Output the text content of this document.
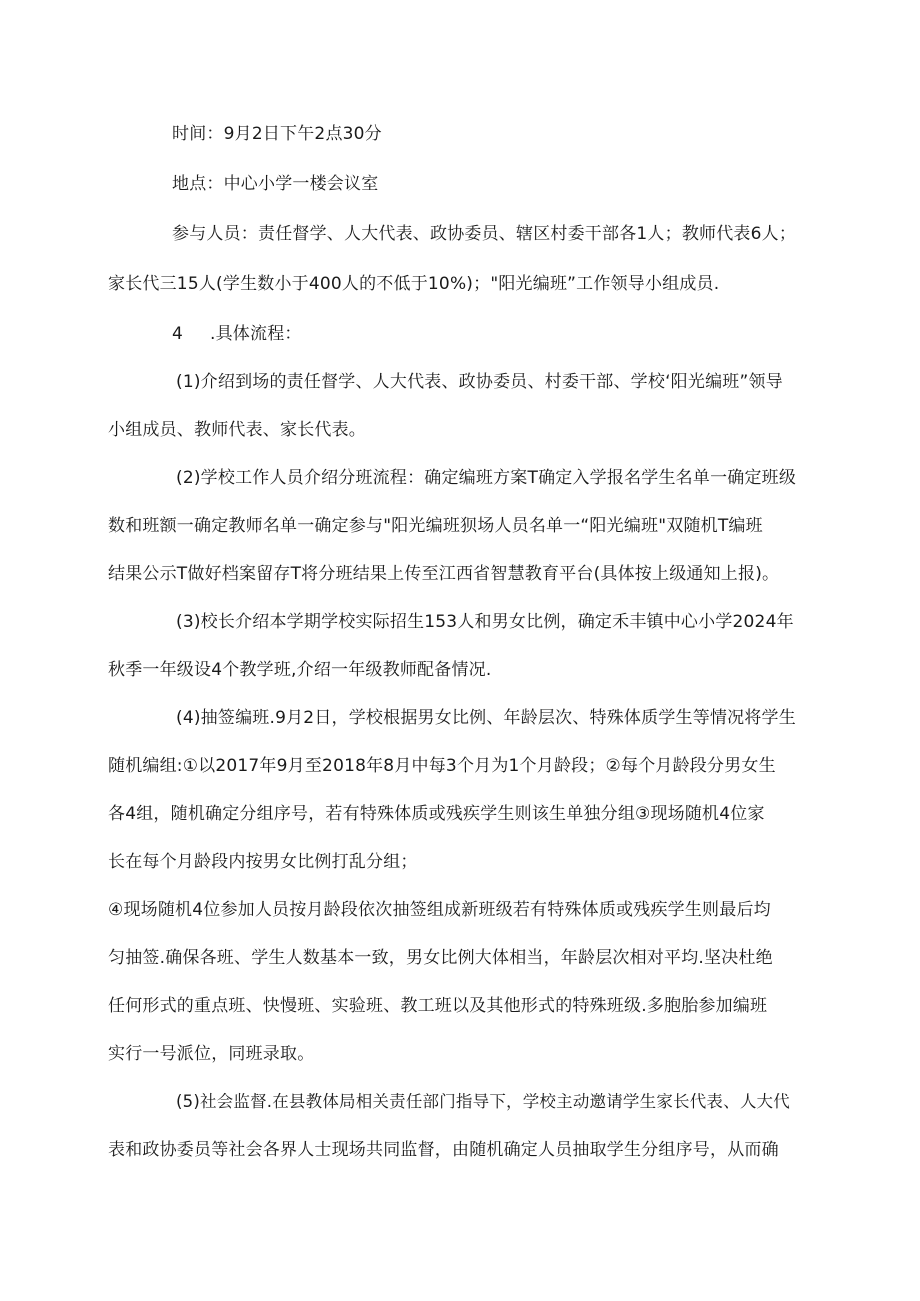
时间：9月2日下午2点30分
地点：中心小学一楼会议室
参与人员：责任督学、人大代表、政协委员、辖区村委干部各1人；教师代表6人；
家长代三15人(学生数小于400人的不低于10%)；"阳光编班”工作领导小组成员.
4	.具体流程：
(1)介绍到场的责任督学、人大代表、政协委员、村委干部、学校‘阳光编班”领导
小组成员、教师代表、家长代表。
(2)学校工作人员介绍分班流程：确定编班方案T确定入学报名学生名单一确定班级
数和班额一确定教师名单一确定参与"阳光编班狈场人员名单一“阳光编班"双随机T编班
结果公示T做好档案留存T将分班结果上传至江西省智慧教育平台(具体按上级通知上报)。
(3)校长介绍本学期学校实际招生153人和男女比例，确定禾丰镇中心小学2024年
秋季一年级设4个教学班,介绍一年级教师配备情况.
(4)抽签编班.9月2日，学校根据男女比例、年龄层次、特殊体质学生等情况将学生
随机编组:①以2017年9月至2018年8月中每3个月为1个月龄段；②每个月龄段分男女生
各4组，随机确定分组序号，若有特殊体质或残疾学生则该生单独分组③现场随机4位家
长在每个月龄段内按男女比例打乱分组；
④现场随机4位参加人员按月龄段依次抽签组成新班级若有特殊体质或残疾学生则最后均
匀抽签.确保各班、学生人数基本一致，男女比例大体相当，年龄层次相对平均.坚决杜绝
任何形式的重点班、快慢班、实验班、教工班以及其他形式的特殊班级.多胞胎参加编班
实行一号派位，同班录取。
(5)社会监督.在县教体局相关责任部门指导下，学校主动邀请学生家长代表、人大代
表和政协委员等社会各界人士现场共同监督，由随机确定人员抽取学生分组序号，从而确
